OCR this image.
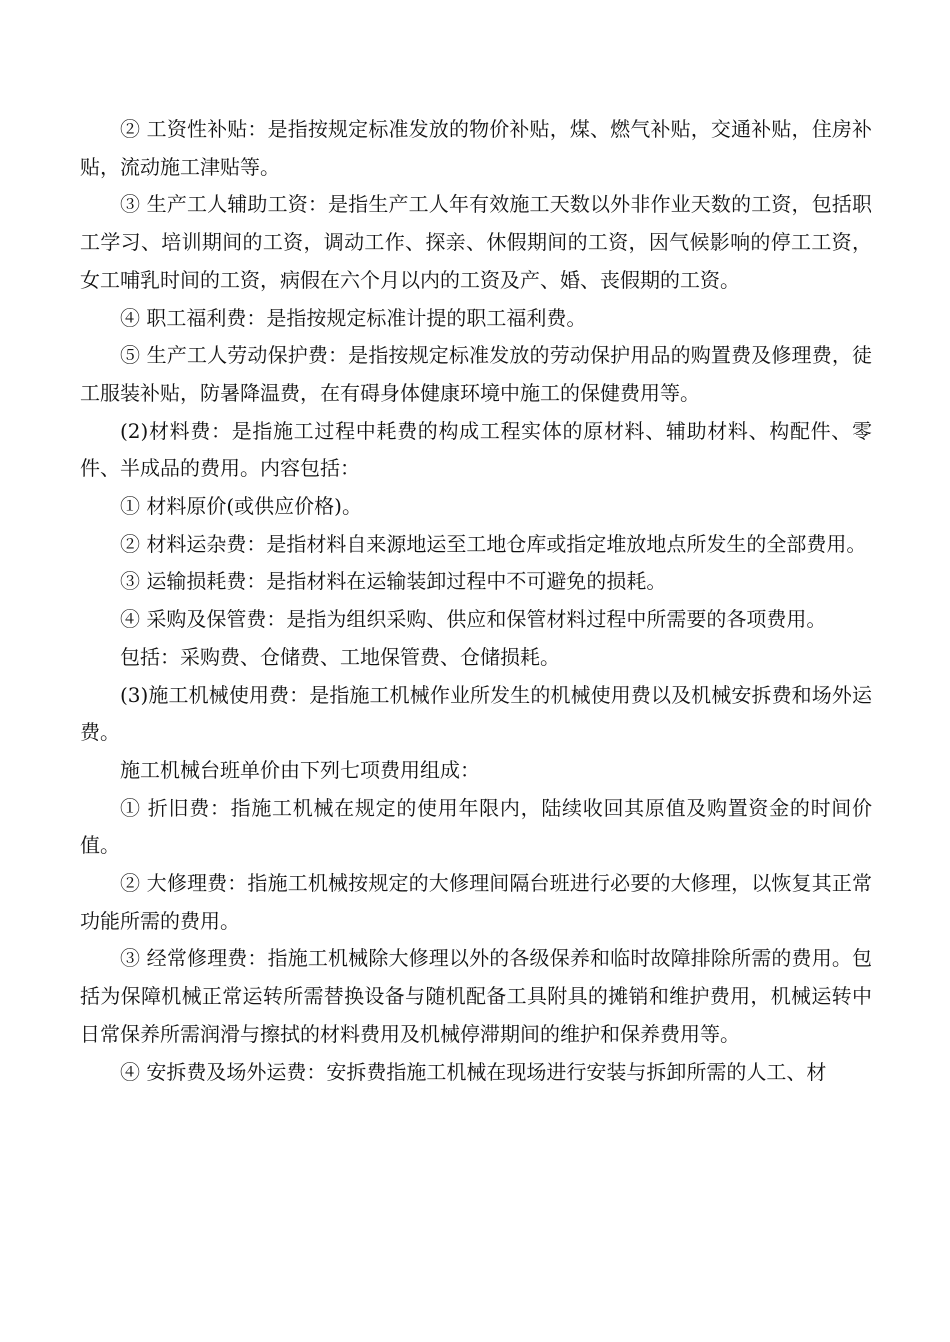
② 工资性补贴：是指按规定标准发放的物价补贴，煤、燃气补贴，交通补贴，住房补贴，流动施工津贴等。

③ 生产工人辅助工资：是指生产工人年有效施工天数以外非作业天数的工资，包括职工学习、培训期间的工资，调动工作、探亲、休假期间的工资，因气候影响的停工工资，女工哺乳时间的工资，病假在六个月以内的工资及产、婚、丧假期的工资。

④ 职工福利费：是指按规定标准计提的职工福利费。

⑤ 生产工人劳动保护费：是指按规定标准发放的劳动保护用品的购置费及修理费，徒工服装补贴，防暑降温费，在有碍身体健康环境中施工的保健费用等。

(2)材料费：是指施工过程中耗费的构成工程实体的原材料、辅助材料、构配件、零件、半成品的费用。内容包括：

① 材料原价(或供应价格)。

② 材料运杂费：是指材料自来源地运至工地仓库或指定堆放地点所发生的全部费用。

③ 运输损耗费：是指材料在运输装卸过程中不可避免的损耗。

④ 采购及保管费：是指为组织采购、供应和保管材料过程中所需要的各项费用。

包括：采购费、仓储费、工地保管费、仓储损耗。

(3)施工机械使用费：是指施工机械作业所发生的机械使用费以及机械安拆费和场外运费。

施工机械台班单价由下列七项费用组成：

① 折旧费：指施工机械在规定的使用年限内，陆续收回其原值及购置资金的时间价值。

② 大修理费：指施工机械按规定的大修理间隔台班进行必要的大修理，以恢复其正常功能所需的费用。

③ 经常修理费：指施工机械除大修理以外的各级保养和临时故障排除所需的费用。包括为保障机械正常运转所需替换设备与随机配备工具附具的摊销和维护费用，机械运转中日常保养所需润滑与擦拭的材料费用及机械停滞期间的维护和保养费用等。

④ 安拆费及场外运费：安拆费指施工机械在现场进行安装与拆卸所需的人工、材
